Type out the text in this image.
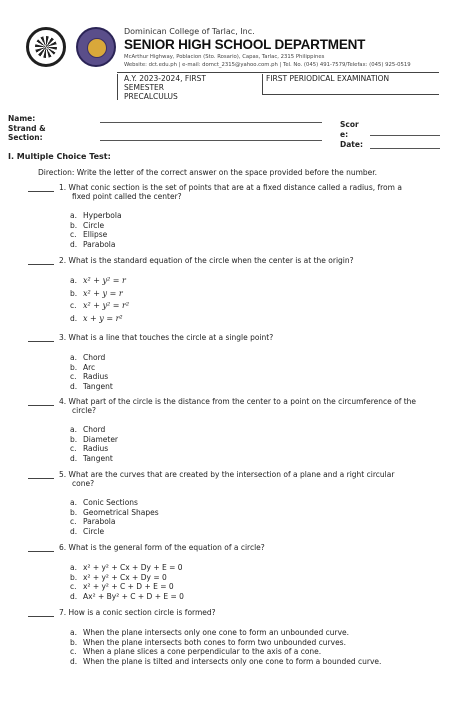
Dominican College of Tarlac, Inc.
SENIOR HIGH SCHOOL DEPARTMENT
McArthur Highway, Poblacion (Sto. Rosario), Capas, Tarlac, 2315 Philippines
Website: dct.edu.ph | e-mail: domct_2315@yahoo.com.ph | Tel. No. (045) 491-7579/Telefax: (045) 925-0519
A.Y. 2023-2024, FIRST
SEMESTER
FIRST PERIODICAL EXAMINATION
PRECALCULUS
Name:
Strand &
Section:
Scor
e:
Date:
I. Multiple Choice Test:
Direction: Write the letter of the correct answer on the space provided before the number.
1. What conic section is the set of points that are at a fixed distance called a radius, from a
fixed point called the center?
a. Hyperbola
b. Circle
c. Ellipse
d. Parabola
2. What is the standard equation of the circle when the center is at the origin?
a. x² + y² = r
b. x² + y = r
c. x² + y² = r²
d. x + y = r²
3. What is a line that touches the circle at a single point?
a. Chord
b. Arc
c. Radius
d. Tangent
4. What part of the circle is the distance from the center to a point on the circumference of the
circle?
a. Chord
b. Diameter
c. Radius
d. Tangent
5. What are the curves that are created by the intersection of a plane and a right circular
cone?
a. Conic Sections
b. Geometrical Shapes
c. Parabola
d. Circle
6. What is the general form of the equation of a circle?
a. x² + y² + Cx + Dy + E = 0
b. x² + y² + Cx + Dy = 0
c. x² + y² + C + D + E = 0
d. Ax² + By² + C + D + E = 0
7. How is a conic section circle is formed?
a. When the plane intersects only one cone to form an unbounded curve.
b. When the plane intersects both cones to form two unbounded curves.
c. When a plane slices a cone perpendicular to the axis of a cone.
d. When the plane is tilted and intersects only one cone to form a bounded curve.
